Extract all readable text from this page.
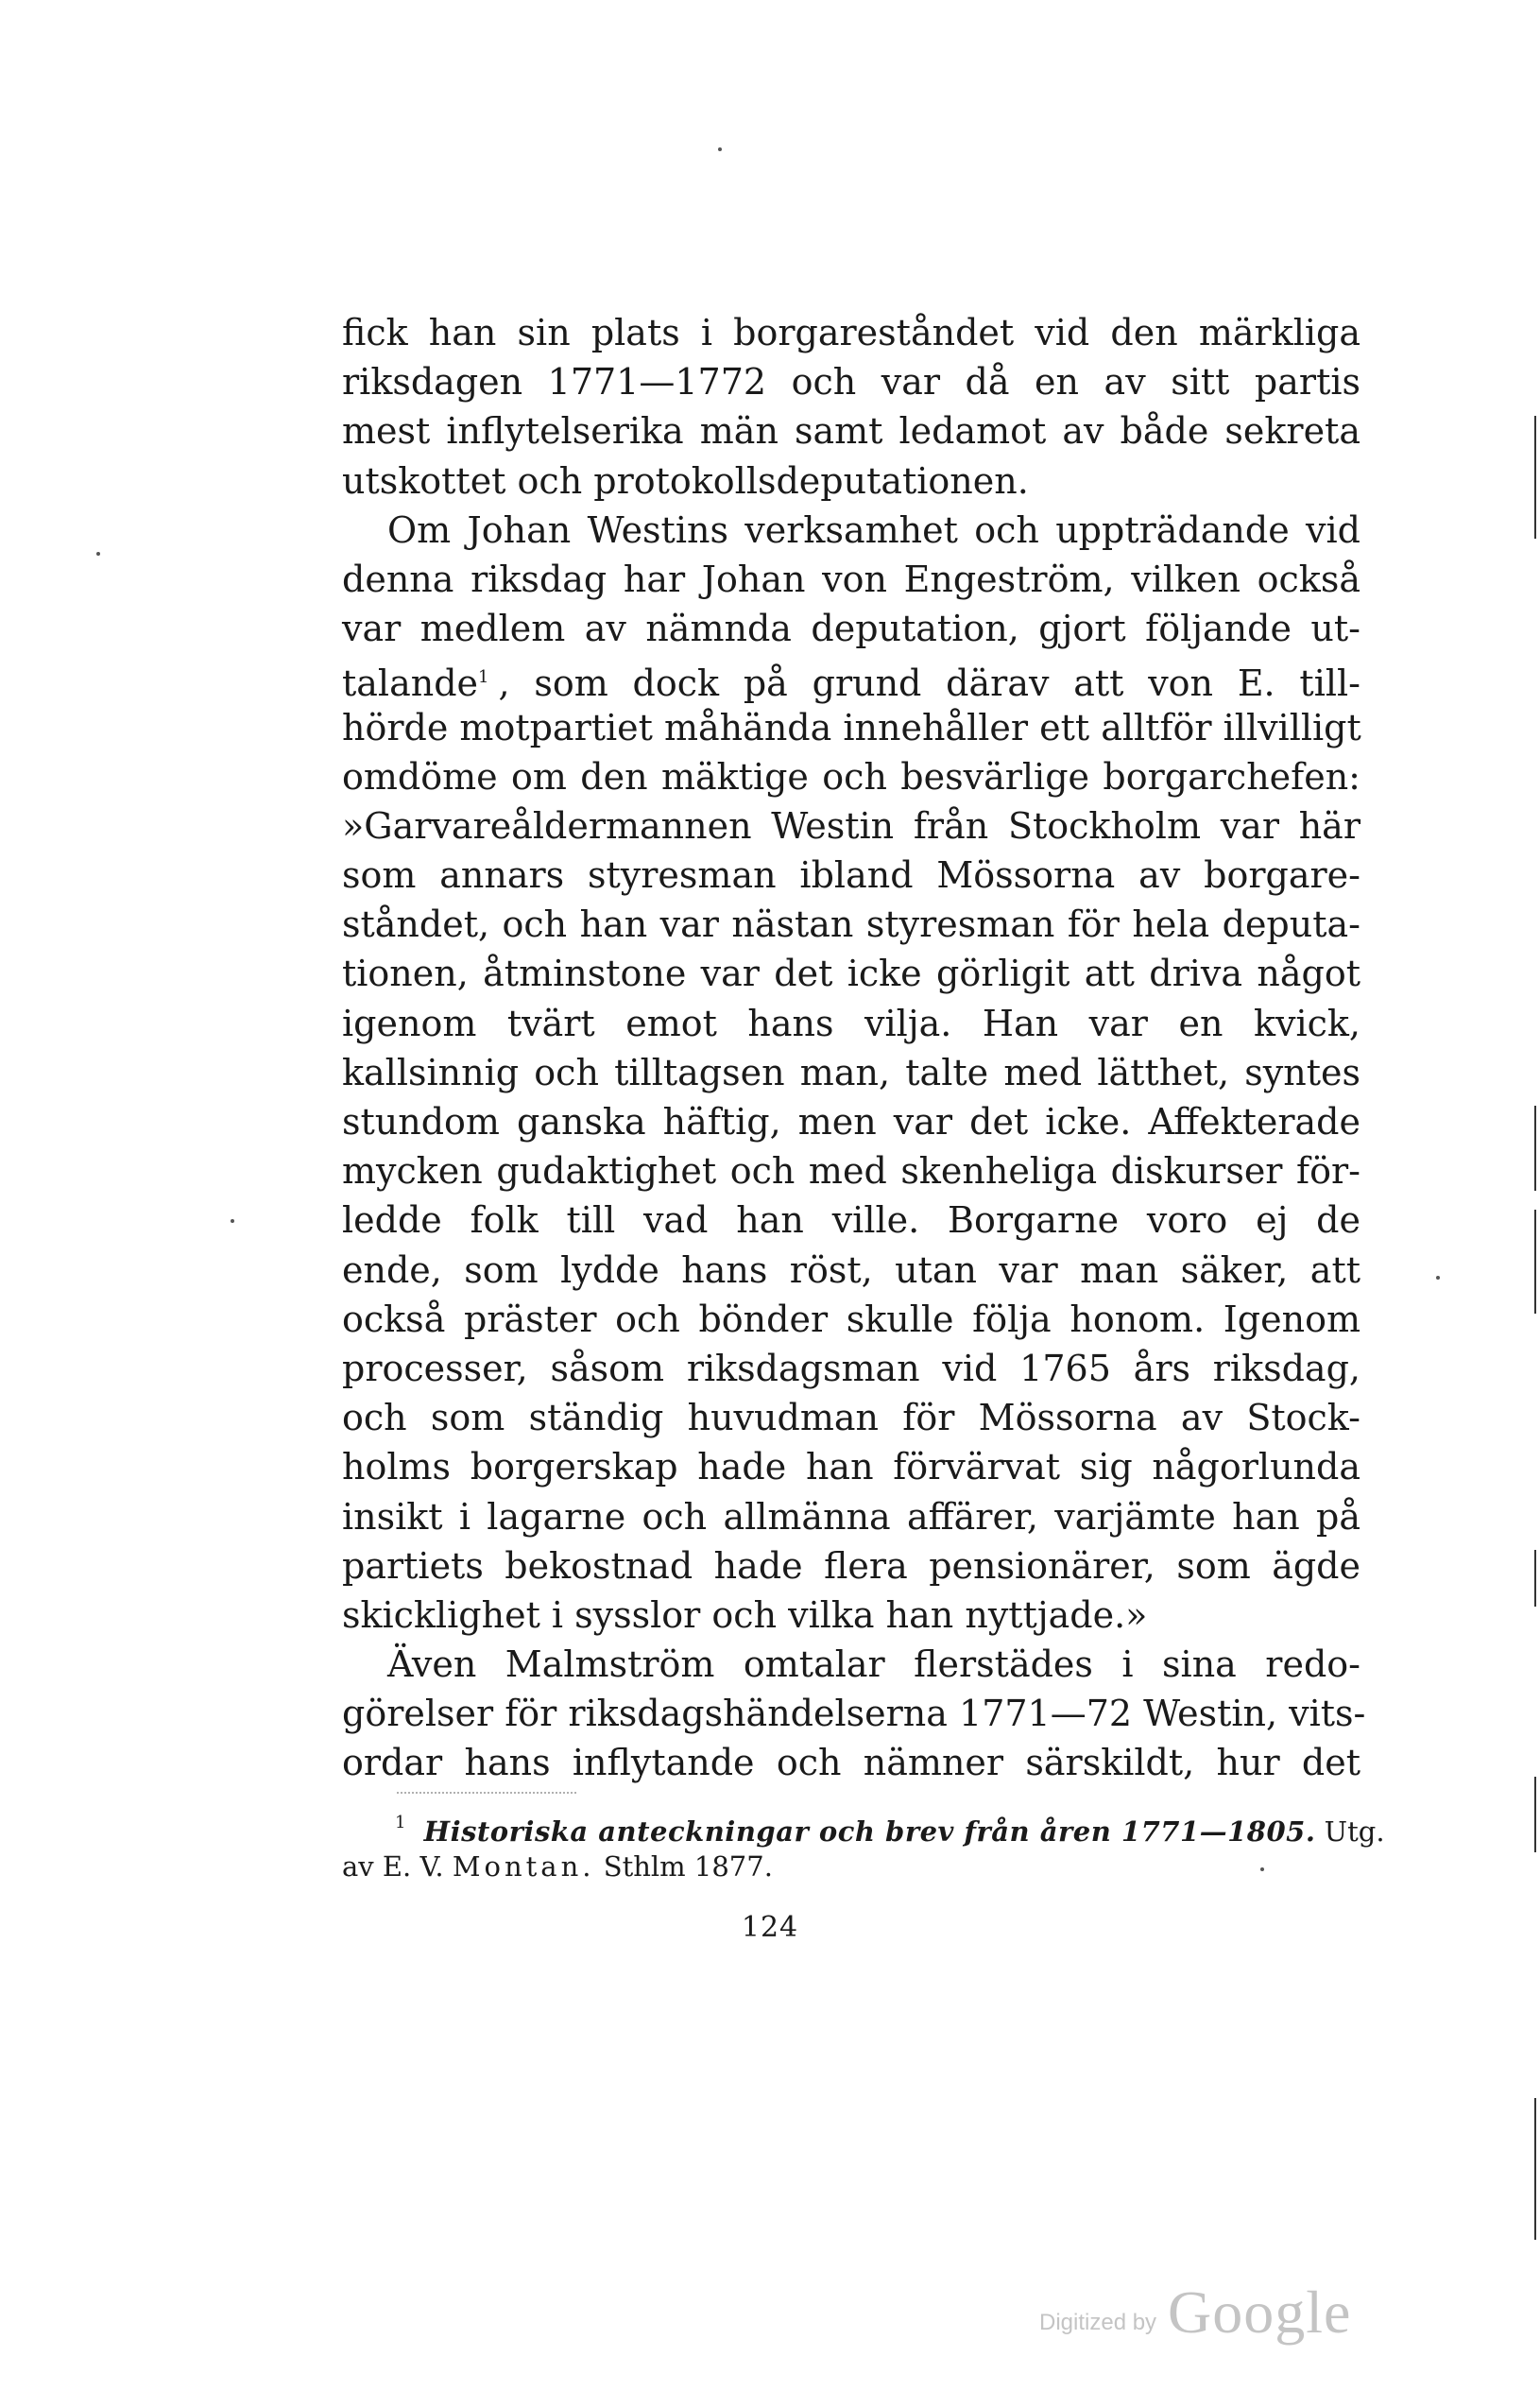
fick han sin plats i borgareståndet vid den märkliga
riksdagen 1771—1772 och var då en av sitt partis
mest inflytelserika män samt ledamot av både sekreta
utskottet och protokollsdeputationen.
Om Johan Westins verksamhet och uppträdande vid
denna riksdag har Johan von Engeström, vilken också
var medlem av nämnda deputation, gjort följande ut-
talande$^1$ , som dock på grund därav att von E. till-
hörde motpartiet måhända innehåller ett alltför illvilligt
omdöme om den mäktige och besvärlige borgarchefen:
»Garvareåldermannen Westin från Stockholm var här
som annars styresman ibland Mössorna av borgare-
ståndet, och han var nästan styresman för hela deputa-
tionen, åtminstone var det icke görligit att driva något
igenom tvärt emot hans vilja. Han var en kvick,
kallsinnig och tilltagsen man, talte med lätthet, syntes
stundom ganska häftig, men var det icke. Affekterade
mycken gudaktighet och med skenheliga diskurser för-
ledde folk till vad han ville. Borgarne voro ej de
ende, som lydde hans röst, utan var man säker, att
också präster och bönder skulle följa honom. Igenom
processer, såsom riksdagsman vid 1765 års riksdag,
och som ständig huvudman för Mössorna av Stock-
holms borgerskap hade han förvärvat sig någorlunda
insikt i lagarne och allmänna affärer, varjämte han på
partiets bekostnad hade flera pensionärer, som ägde
skicklighet i sysslor och vilka han nyttjade.»
Även Malmström omtalar flerstädes i sina redo-
görelser för riksdagshändelserna 1771—72 Westin, vits-
ordar hans inflytande och nämner särskildt, hur det
$^1$ Historiska anteckningar och brev från åren 1771—1805. Utg.
av E. V. Montan. Sthlm 1877.
124
Digitized by Google
